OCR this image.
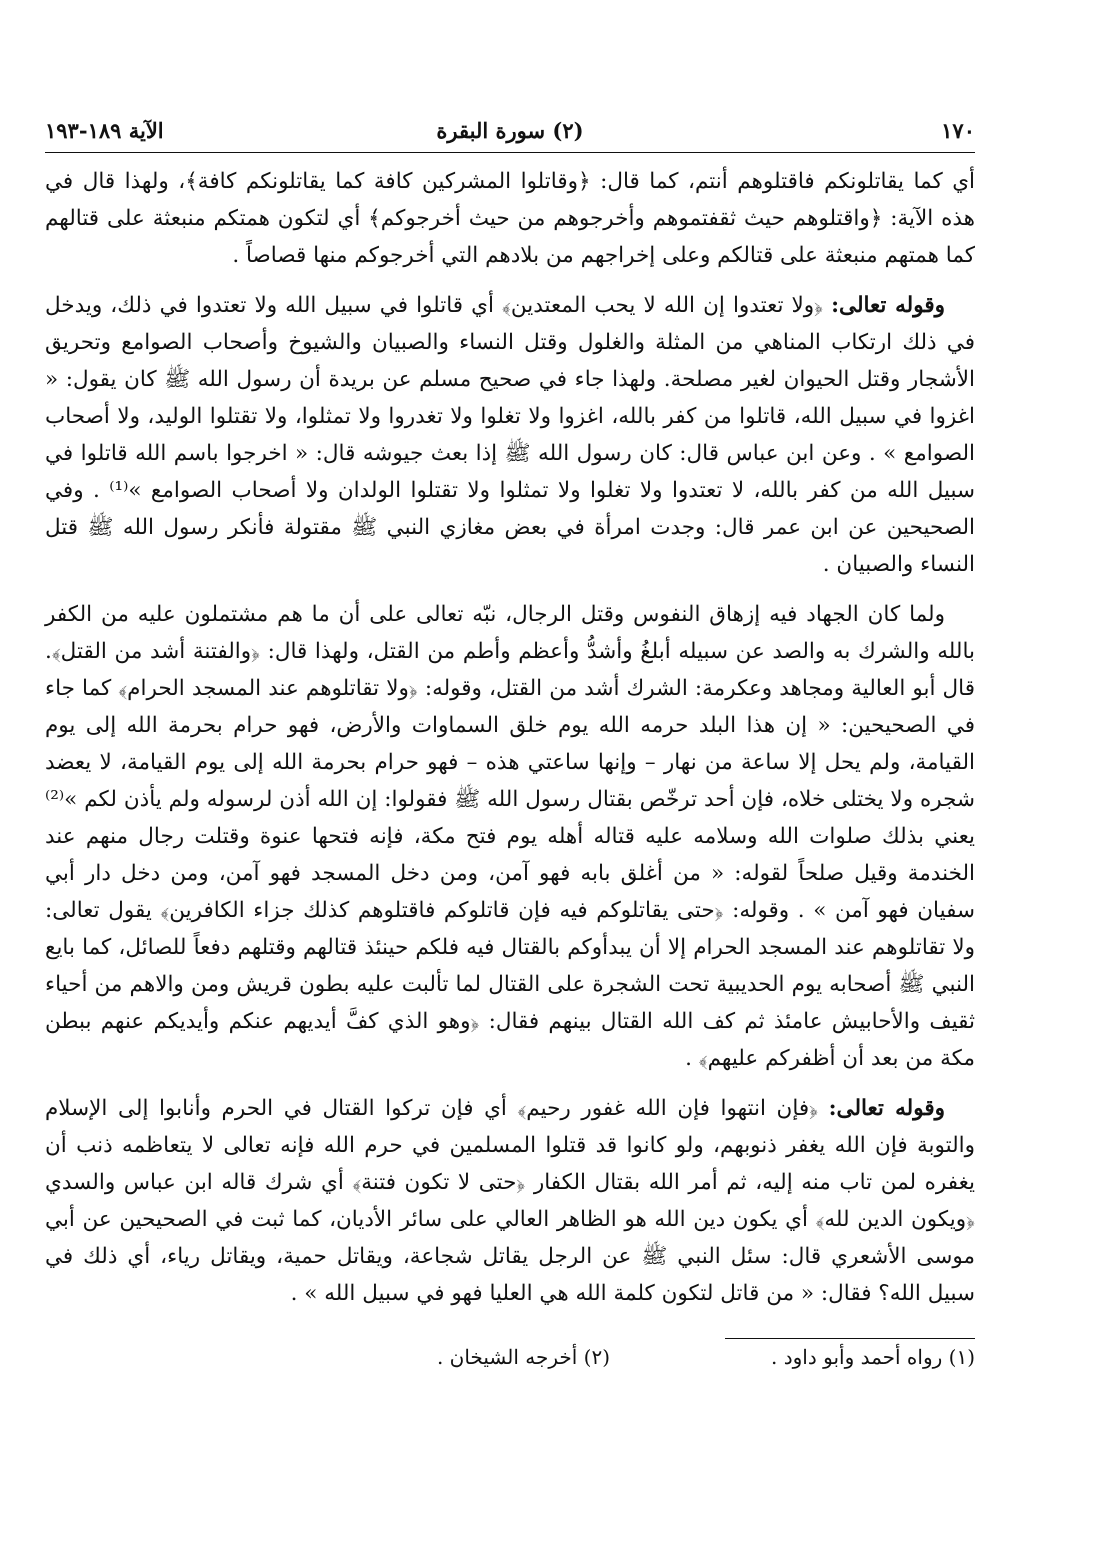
١٧٠
(٢) سورة البقرة
الآية ١٨٩-١٩٣

أي كما يقاتلونكم فاقتلوهم أنتم، كما قال: ﴿وقاتلوا المشركين كافة كما يقاتلونكم كافة﴾، ولهذا قال في هذه الآية: ﴿واقتلوهم حيث ثقفتموهم وأخرجوهم من حيث أخرجوكم﴾ أي لتكون همتكم منبعثة على قتالهم كما همتهم منبعثة على قتالكم وعلى إخراجهم من بلادهم التي أخرجوكم منها قصاصاً .

وقوله تعالى: ﴿ولا تعتدوا إن الله لا يحب المعتدين﴾ أي قاتلوا في سبيل الله ولا تعتدوا في ذلك، ويدخل في ذلك ارتكاب المناهي من المثلة والغلول وقتل النساء والصبيان والشيوخ وأصحاب الصوامع وتحريق الأشجار وقتل الحيوان لغير مصلحة. ولهذا جاء في صحيح مسلم عن بريدة أن رسول الله ﷺ كان يقول: « اغزوا في سبيل الله، قاتلوا من كفر بالله، اغزوا ولا تغلوا ولا تغدروا ولا تمثلوا، ولا تقتلوا الوليد، ولا أصحاب الصوامع » . وعن ابن عباس قال: كان رسول الله ﷺ إذا بعث جيوشه قال: « اخرجوا باسم الله قاتلوا في سبيل الله من كفر بالله، لا تعتدوا ولا تغلوا ولا تمثلوا ولا تقتلوا الولدان ولا أصحاب الصوامع »⁽¹⁾ . وفي الصحيحين عن ابن عمر قال: وجدت امرأة في بعض مغازي النبي ﷺ مقتولة فأنكر رسول الله ﷺ قتل النساء والصبيان .

ولما كان الجهاد فيه إزهاق النفوس وقتل الرجال، نبّه تعالى على أن ما هم مشتملون عليه من الكفر بالله والشرك به والصد عن سبيله أبلغُ وأشدُّ وأعظم وأطم من القتل، ولهذا قال: ﴿والفتنة أشد من القتل﴾. قال أبو العالية ومجاهد وعكرمة: الشرك أشد من القتل، وقوله: ﴿ولا تقاتلوهم عند المسجد الحرام﴾ كما جاء في الصحيحين: « إن هذا البلد حرمه الله يوم خلق السماوات والأرض، فهو حرام بحرمة الله إلى يوم القيامة، ولم يحل إلا ساعة من نهار – وإنها ساعتي هذه – فهو حرام بحرمة الله إلى يوم القيامة، لا يعضد شجره ولا يختلى خلاه، فإن أحد ترخّص بقتال رسول الله ﷺ فقولوا: إن الله أذن لرسوله ولم يأذن لكم »⁽²⁾ يعني بذلك صلوات الله وسلامه عليه قتاله أهله يوم فتح مكة، فإنه فتحها عنوة وقتلت رجال منهم عند الخندمة وقيل صلحاً لقوله: « من أغلق بابه فهو آمن، ومن دخل المسجد فهو آمن، ومن دخل دار أبي سفيان فهو آمن » . وقوله: ﴿حتى يقاتلوكم فيه فإن قاتلوكم فاقتلوهم كذلك جزاء الكافرين﴾ يقول تعالى: ولا تقاتلوهم عند المسجد الحرام إلا أن يبدأوكم بالقتال فيه فلكم حينئذ قتالهم وقتلهم دفعاً للصائل، كما بايع النبي ﷺ أصحابه يوم الحديبية تحت الشجرة على القتال لما تألبت عليه بطون قريش ومن والاهم من أحياء ثقيف والأحابيش عامئذ ثم كف الله القتال بينهم فقال: ﴿وهو الذي كفَّ أيديهم عنكم وأيديكم عنهم ببطن مكة من بعد أن أظفركم عليهم﴾ .

وقوله تعالى: ﴿فإن انتهوا فإن الله غفور رحيم﴾ أي فإن تركوا القتال في الحرم وأنابوا إلى الإسلام والتوبة فإن الله يغفر ذنوبهم، ولو كانوا قد قتلوا المسلمين في حرم الله فإنه تعالى لا يتعاظمه ذنب أن يغفره لمن تاب منه إليه، ثم أمر الله بقتال الكفار ﴿حتى لا تكون فتنة﴾ أي شرك قاله ابن عباس والسدي ﴿ويكون الدين لله﴾ أي يكون دين الله هو الظاهر العالي على سائر الأديان، كما ثبت في الصحيحين عن أبي موسى الأشعري قال: سئل النبي ﷺ عن الرجل يقاتل شجاعة، ويقاتل حمية، ويقاتل رياء، أي ذلك في سبيل الله؟ فقال: « من قاتل لتكون كلمة الله هي العليا فهو في سبيل الله » .

(١) رواه أحمد وأبو داود .
(٢) أخرجه الشيخان .
